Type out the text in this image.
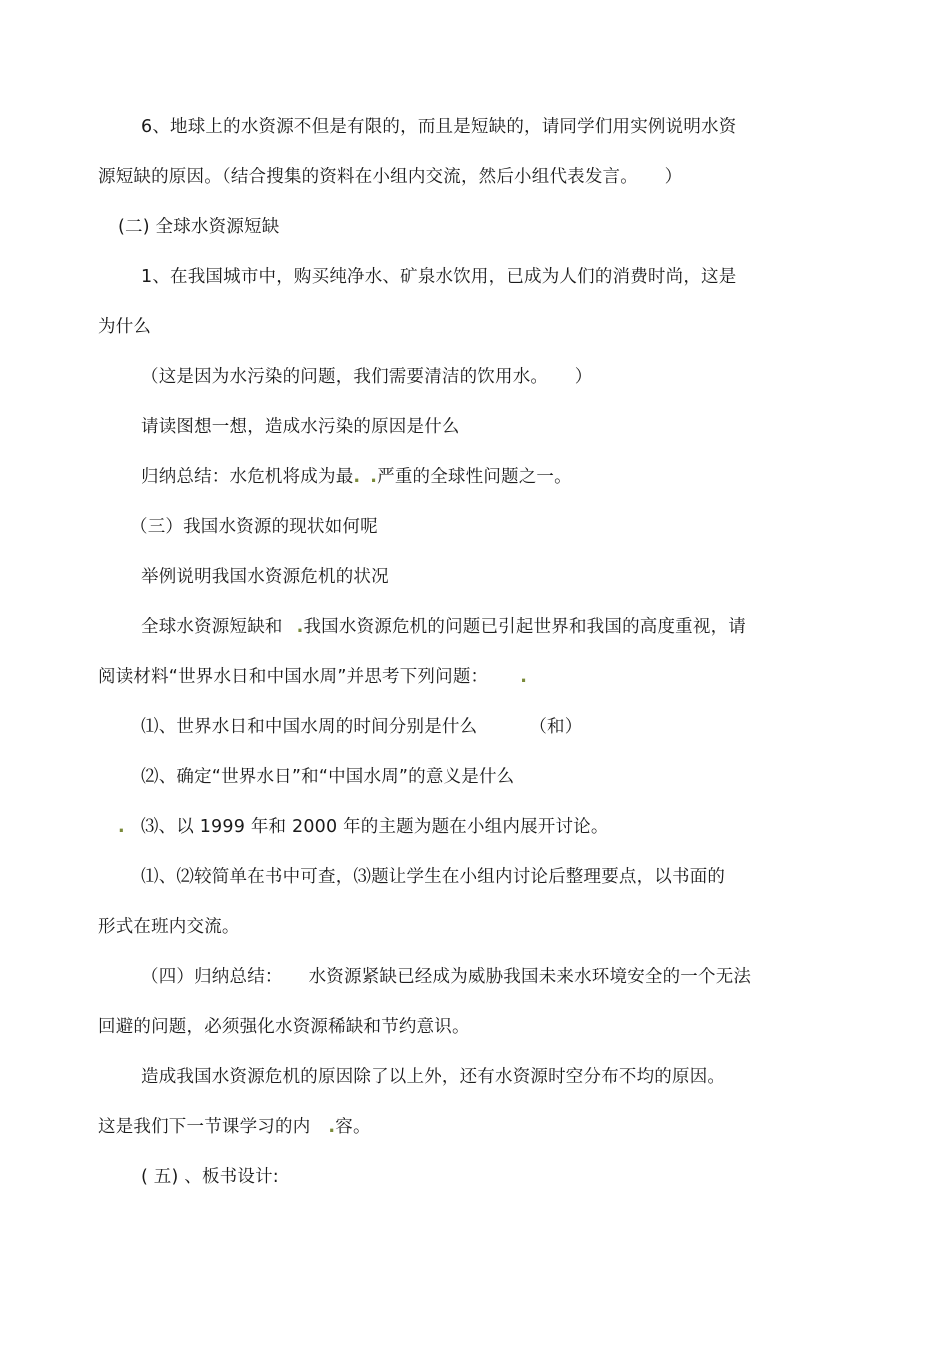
6、地球上的水资源不但是有限的，而且是短缺的，请同学们用实例说明水资
源短缺的原因。（结合搜集的资料在小组内交流，然后小组代表发言。　　）
(二) 全球水资源短缺
1、在我国城市中，购买纯净水、矿泉水饮用，已成为人们的消费时尚，这是
为什么
（这是因为水污染的问题，我们需要清洁的饮用水。　　）
请读图想一想，造成水污染的原因是什么
归纳总结：水危机将成为最. .严重的全球性问题之一。
（三）我国水资源的现状如何呢
举例说明我国水资源危机的状况
全球水资源短缺和 .我国水资源危机的问题已引起世界和我国的高度重视，请
阅读材料“世界水日和中国水周”并思考下列问题： .
⑴、世界水日和中国水周的时间分别是什么	（和）
⑵、确定“世界水日”和“中国水周”的意义是什么
. ⑶、以 1999 年和 2000 年的主题为题在小组内展开讨论。
⑴、⑵较简单在书中可查，⑶题让学生在小组内讨论后整理要点，以书面的
形式在班内交流。
（四）归纳总结： 水资源紧缺已经成为威胁我国未来水环境安全的一个无法
回避的问题，必须强化水资源稀缺和节约意识。
造成我国水资源危机的原因除了以上外，还有水资源时空分布不均的原因。
这是我们下一节课学习的内 .容。
( 五) 、板书设计:
